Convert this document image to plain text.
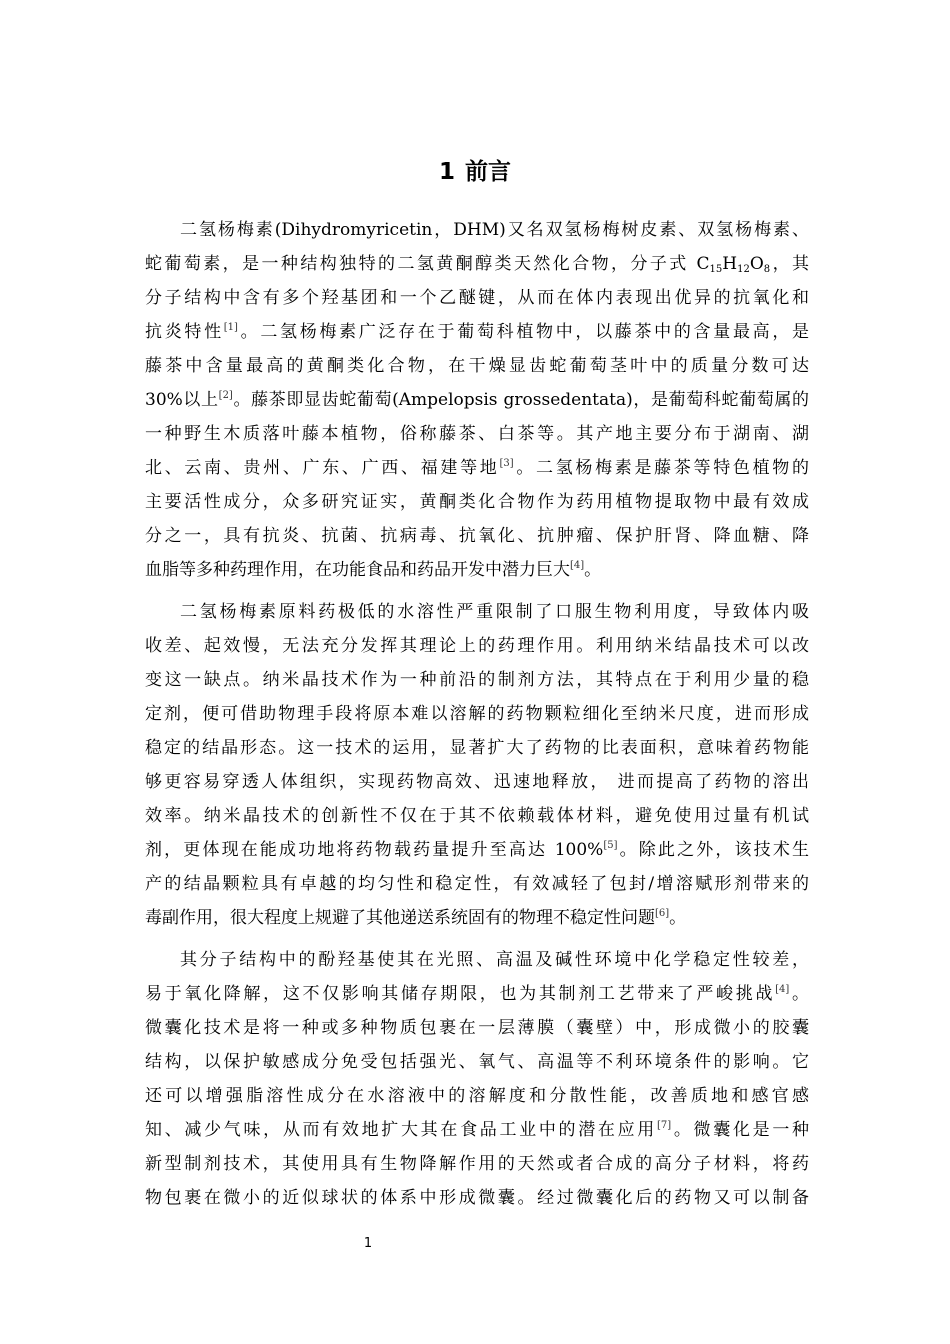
1 前言
二氢杨梅素(Dihydromyricetin，DHM)又名双氢杨梅树皮素、双氢杨梅素、
蛇葡萄素，是一种结构独特的二氢黄酮醇类天然化合物，分子式 $C_{15}H_{12}O_8$，其
分子结构中含有多个羟基团和一个乙醚键，从而在体内表现出优异的抗氧化和
抗炎特性[1]。二氢杨梅素广泛存在于葡萄科植物中，以藤茶中的含量最高，是
藤茶中含量最高的黄酮类化合物，在干燥显齿蛇葡萄茎叶中的质量分数可达
30%以上[2]。藤茶即显齿蛇葡萄(Ampelopsis grossedentata)，是葡萄科蛇葡萄属的
一种野生木质落叶藤本植物，俗称藤茶、白茶等。其产地主要分布于湖南、湖
北、云南、贵州、广东、广西、福建等地[3]。二氢杨梅素是藤茶等特色植物的
主要活性成分，众多研究证实，黄酮类化合物作为药用植物提取物中最有效成
分之一，具有抗炎、抗菌、抗病毒、抗氧化、抗肿瘤、保护肝肾、降血糖、降
血脂等多种药理作用，在功能食品和药品开发中潜力巨大[4]。
二氢杨梅素原料药极低的水溶性严重限制了口服生物利用度，导致体内吸
收差、起效慢，无法充分发挥其理论上的药理作用。利用纳米结晶技术可以改
变这一缺点。纳米晶技术作为一种前沿的制剂方法，其特点在于利用少量的稳
定剂，便可借助物理手段将原本难以溶解的药物颗粒细化至纳米尺度，进而形成
稳定的结晶形态。这一技术的运用，显著扩大了药物的比表面积，意味着药物能
够更容易穿透人体组织，实现药物高效、迅速地释放， 进而提高了药物的溶出
效率。纳米晶技术的创新性不仅在于其不依赖载体材料，避免使用过量有机试
剂，更体现在能成功地将药物载药量提升至高达 100%[5]。除此之外，该技术生
产的结晶颗粒具有卓越的均匀性和稳定性，有效减轻了包封/增溶赋形剂带来的
毒副作用，很大程度上规避了其他递送系统固有的物理不稳定性问题[6]。
其分子结构中的酚羟基使其在光照、高温及碱性环境中化学稳定性较差，
易于氧化降解，这不仅影响其储存期限，也为其制剂工艺带来了严峻挑战[4]。
微囊化技术是将一种或多种物质包裹在一层薄膜（囊壁）中，形成微小的胶囊
结构，以保护敏感成分免受包括强光、氧气、高温等不利环境条件的影响。它
还可以增强脂溶性成分在水溶液中的溶解度和分散性能，改善质地和感官感
知、减少气味，从而有效地扩大其在食品工业中的潜在应用[7]。微囊化是一种
新型制剂技术，其使用具有生物降解作用的天然或者合成的高分子材料，将药
物包裹在微小的近似球状的体系中形成微囊。经过微囊化后的药物又可以制备
1
